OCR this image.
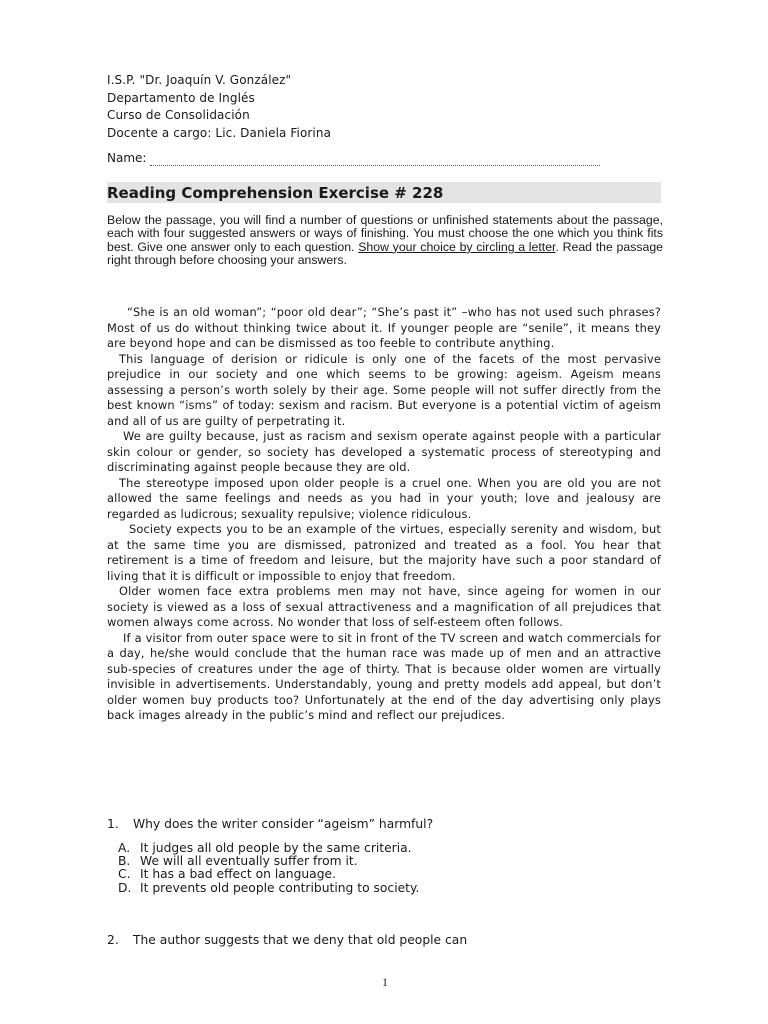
I.S.P. "Dr. Joaquín V. González"
Departamento de Inglés
Curso de Consolidación
Docente a cargo: Lic. Daniela Fiorina
Name:
Reading Comprehension Exercise # 228
Below the passage, you will find a number of questions or unfinished statements about the passage, each with four suggested answers or ways of finishing. You must choose the one which you think fits best. Give one answer only to each question. Show your choice by circling a letter. Read the passage right through before choosing your answers.

“She is an old woman”; “poor old dear”; “She’s past it” –who has not used such phrases? Most of us do without thinking twice about it. If younger people are “senile”, it means they are beyond hope and can be dismissed as too feeble to contribute anything.

This language of derision or ridicule is only one of the facets of the most pervasive prejudice in our society and one which seems to be growing: ageism. Ageism means assessing a person’s worth solely by their age. Some people will not suffer directly from the best known “isms” of today: sexism and racism. But everyone is a potential victim of ageism and all of us are guilty of perpetrating it.

We are guilty because, just as racism and sexism operate against people with a particular skin colour or gender, so society has developed a systematic process of stereotyping and discriminating against people because they are old.

The stereotype imposed upon older people is a cruel one. When you are old you are not allowed the same feelings and needs as you had in your youth; love and jealousy are regarded as ludicrous; sexuality repulsive; violence ridiculous.

Society expects you to be an example of the virtues, especially serenity and wisdom, but at the same time you are dismissed, patronized and treated as a fool. You hear that retirement is a time of freedom and leisure, but the majority have such a poor standard of living that it is difficult or impossible to enjoy that freedom.

Older women face extra problems men may not have, since ageing for women in our society is viewed as a loss of sexual attractiveness and a magnification of all prejudices that women always come across. No wonder that loss of self-esteem often follows.

If a visitor from outer space were to sit in front of the TV screen and watch commercials for a day, he/she would conclude that the human race was made up of men and an attractive sub-species of creatures under the age of thirty. That is because older women are virtually invisible in advertisements. Understandably, young and pretty models add appeal, but don’t older women buy products too? Unfortunately at the end of the day advertising only plays back images already in the public’s mind and reflect our prejudices.

1. Why does the writer consider “ageism” harmful?
A. It judges all old people by the same criteria.
B. We will all eventually suffer from it.
C. It has a bad effect on language.
D. It prevents old people contributing to society.
2. The author suggests that we deny that old people can
1
